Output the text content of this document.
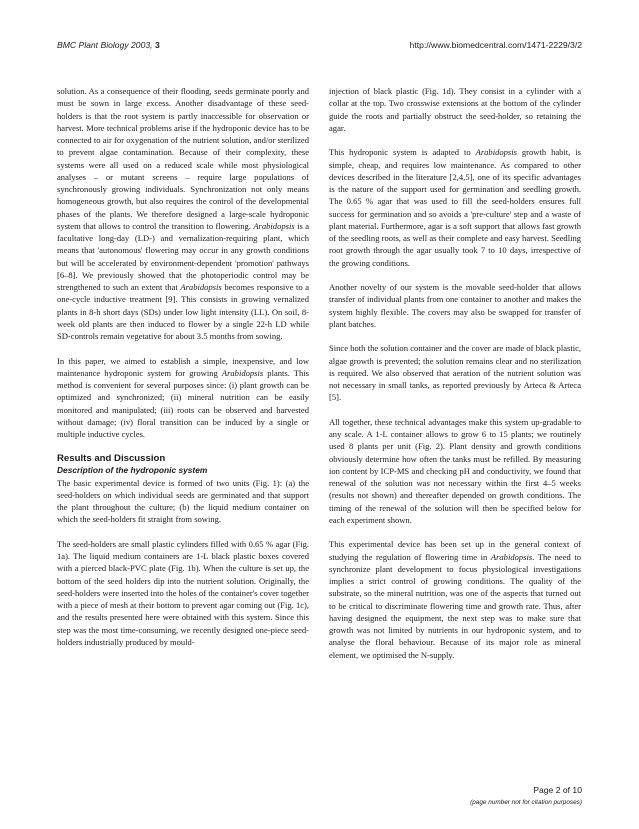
BMC Plant Biology 2003, 3	http://www.biomedcentral.com/1471-2229/3/2

solution. As a consequence of their flooding, seeds germinate poorly and must be sown in large excess. Another disadvantage of these seed-holders is that the root system is partly inaccessible for observation or harvest. More technical problems arise if the hydroponic device has to be connected to air for oxygenation of the nutrient solution, and/or sterilized to prevent algae contamination. Because of their complexity, these systems were all used on a reduced scale while most physiological analyses – or mutant screens – require large populations of synchronously growing individuals. Synchronization not only means homogeneous growth, but also requires the control of the developmental phases of the plants. We therefore designed a large-scale hydroponic system that allows to control the transition to flowering. Arabidopsis is a facultative long-day (LD-) and vernalization-requiring plant, which means that 'autonomous' flowering may occur in any growth conditions but will be accelerated by environment-dependent 'promotion' pathways [6–8]. We previously showed that the photoperiodic control may be strengthened to such an extent that Arabidopsis becomes responsive to a one-cycle inductive treatment [9]. This consists in growing vernalized plants in 8-h short days (SDs) under low light intensity (LL). On soil, 8-week old plants are then induced to flower by a single 22-h LD while SD-controls remain vegetative for about 3.5 months from sowing.

In this paper, we aimed to establish a simple, inexpensive, and low maintenance hydroponic system for growing Arabidopsis plants. This method is convenient for several purposes since: (i) plant growth can be optimized and synchronized; (ii) mineral nutrition can be easily monitored and manipulated; (iii) roots can be observed and harvested without damage; (iv) floral transition can be induced by a single or multiple inductive cycles.

Results and Discussion
Description of the hydroponic system

The basic experimental device is formed of two units (Fig. 1): (a) the seed-holders on which individual seeds are germinated and that support the plant throughout the culture; (b) the liquid medium container on which the seed-holders fit straight from sowing.

The seed-holders are small plastic cylinders filled with 0.65 % agar (Fig. 1a). The liquid medium containers are 1-L black plastic boxes covered with a pierced black-PVC plate (Fig. 1b). When the culture is set up, the bottom of the seed holders dip into the nutrient solution. Originally, the seed-holders were inserted into the holes of the container's cover together with a piece of mesh at their bottom to prevent agar coming out (Fig. 1c), and the results presented here were obtained with this system. Since this step was the most time-consuming, we recently designed one-piece seed-holders industrially produced by mould-

injection of black plastic (Fig. 1d). They consist in a cylinder with a collar at the top. Two crosswise extensions at the bottom of the cylinder guide the roots and partially obstruct the seed-holder, so retaining the agar.

This hydroponic system is adapted to Arabidopsis growth habit, is simple, cheap, and requires low maintenance. As compared to other devices described in the literature [2,4,5], one of its specific advantages is the nature of the support used for germination and seedling growth. The 0.65 % agar that was used to fill the seed-holders ensures full success for germination and so avoids a 'pre-culture' step and a waste of plant material. Furthermore, agar is a soft support that allows fast growth of the seedling roots, as well as their complete and easy harvest. Seedling root growth through the agar usually took 7 to 10 days, irrespective of the growing conditions.

Another novelty of our system is the movable seed-holder that allows transfer of individual plants from one container to another and makes the system highly flexible. The covers may also be swapped for transfer of plant batches.

Since both the solution container and the cover are made of black plastic, algae growth is prevented; the solution remains clear and no sterilization is required. We also observed that aeration of the nutrient solution was not necessary in small tanks, as reported previously by Arteca & Arteca [5].

All together, these technical advantages make this system up-gradable to any scale. A 1-L container allows to grow 6 to 15 plants; we routinely used 8 plants per unit (Fig. 2). Plant density and growth conditions obviously determine how often the tanks must be refilled. By measuring ion content by ICP-MS and checking pH and conductivity, we found that renewal of the solution was not necessary within the first 4–5 weeks (results not shown) and thereafter depended on growth conditions. The timing of the renewal of the solution will then be specified below for each experiment shown.

This experimental device has been set up in the general context of studying the regulation of flowering time in Arabidopsis. The need to synchronize plant development to focus physiological investigations implies a strict control of growing conditions. The quality of the substrate, so the mineral nutrition, was one of the aspects that turned out to be critical to discriminate flowering time and growth rate. Thus, after having designed the equipment, the next step was to make sure that growth was not limited by nutrients in our hydroponic system, and to analyse the floral behaviour. Because of its major role as mineral element, we optimised the N-supply.

Page 2 of 10
(page number not for citation purposes)
